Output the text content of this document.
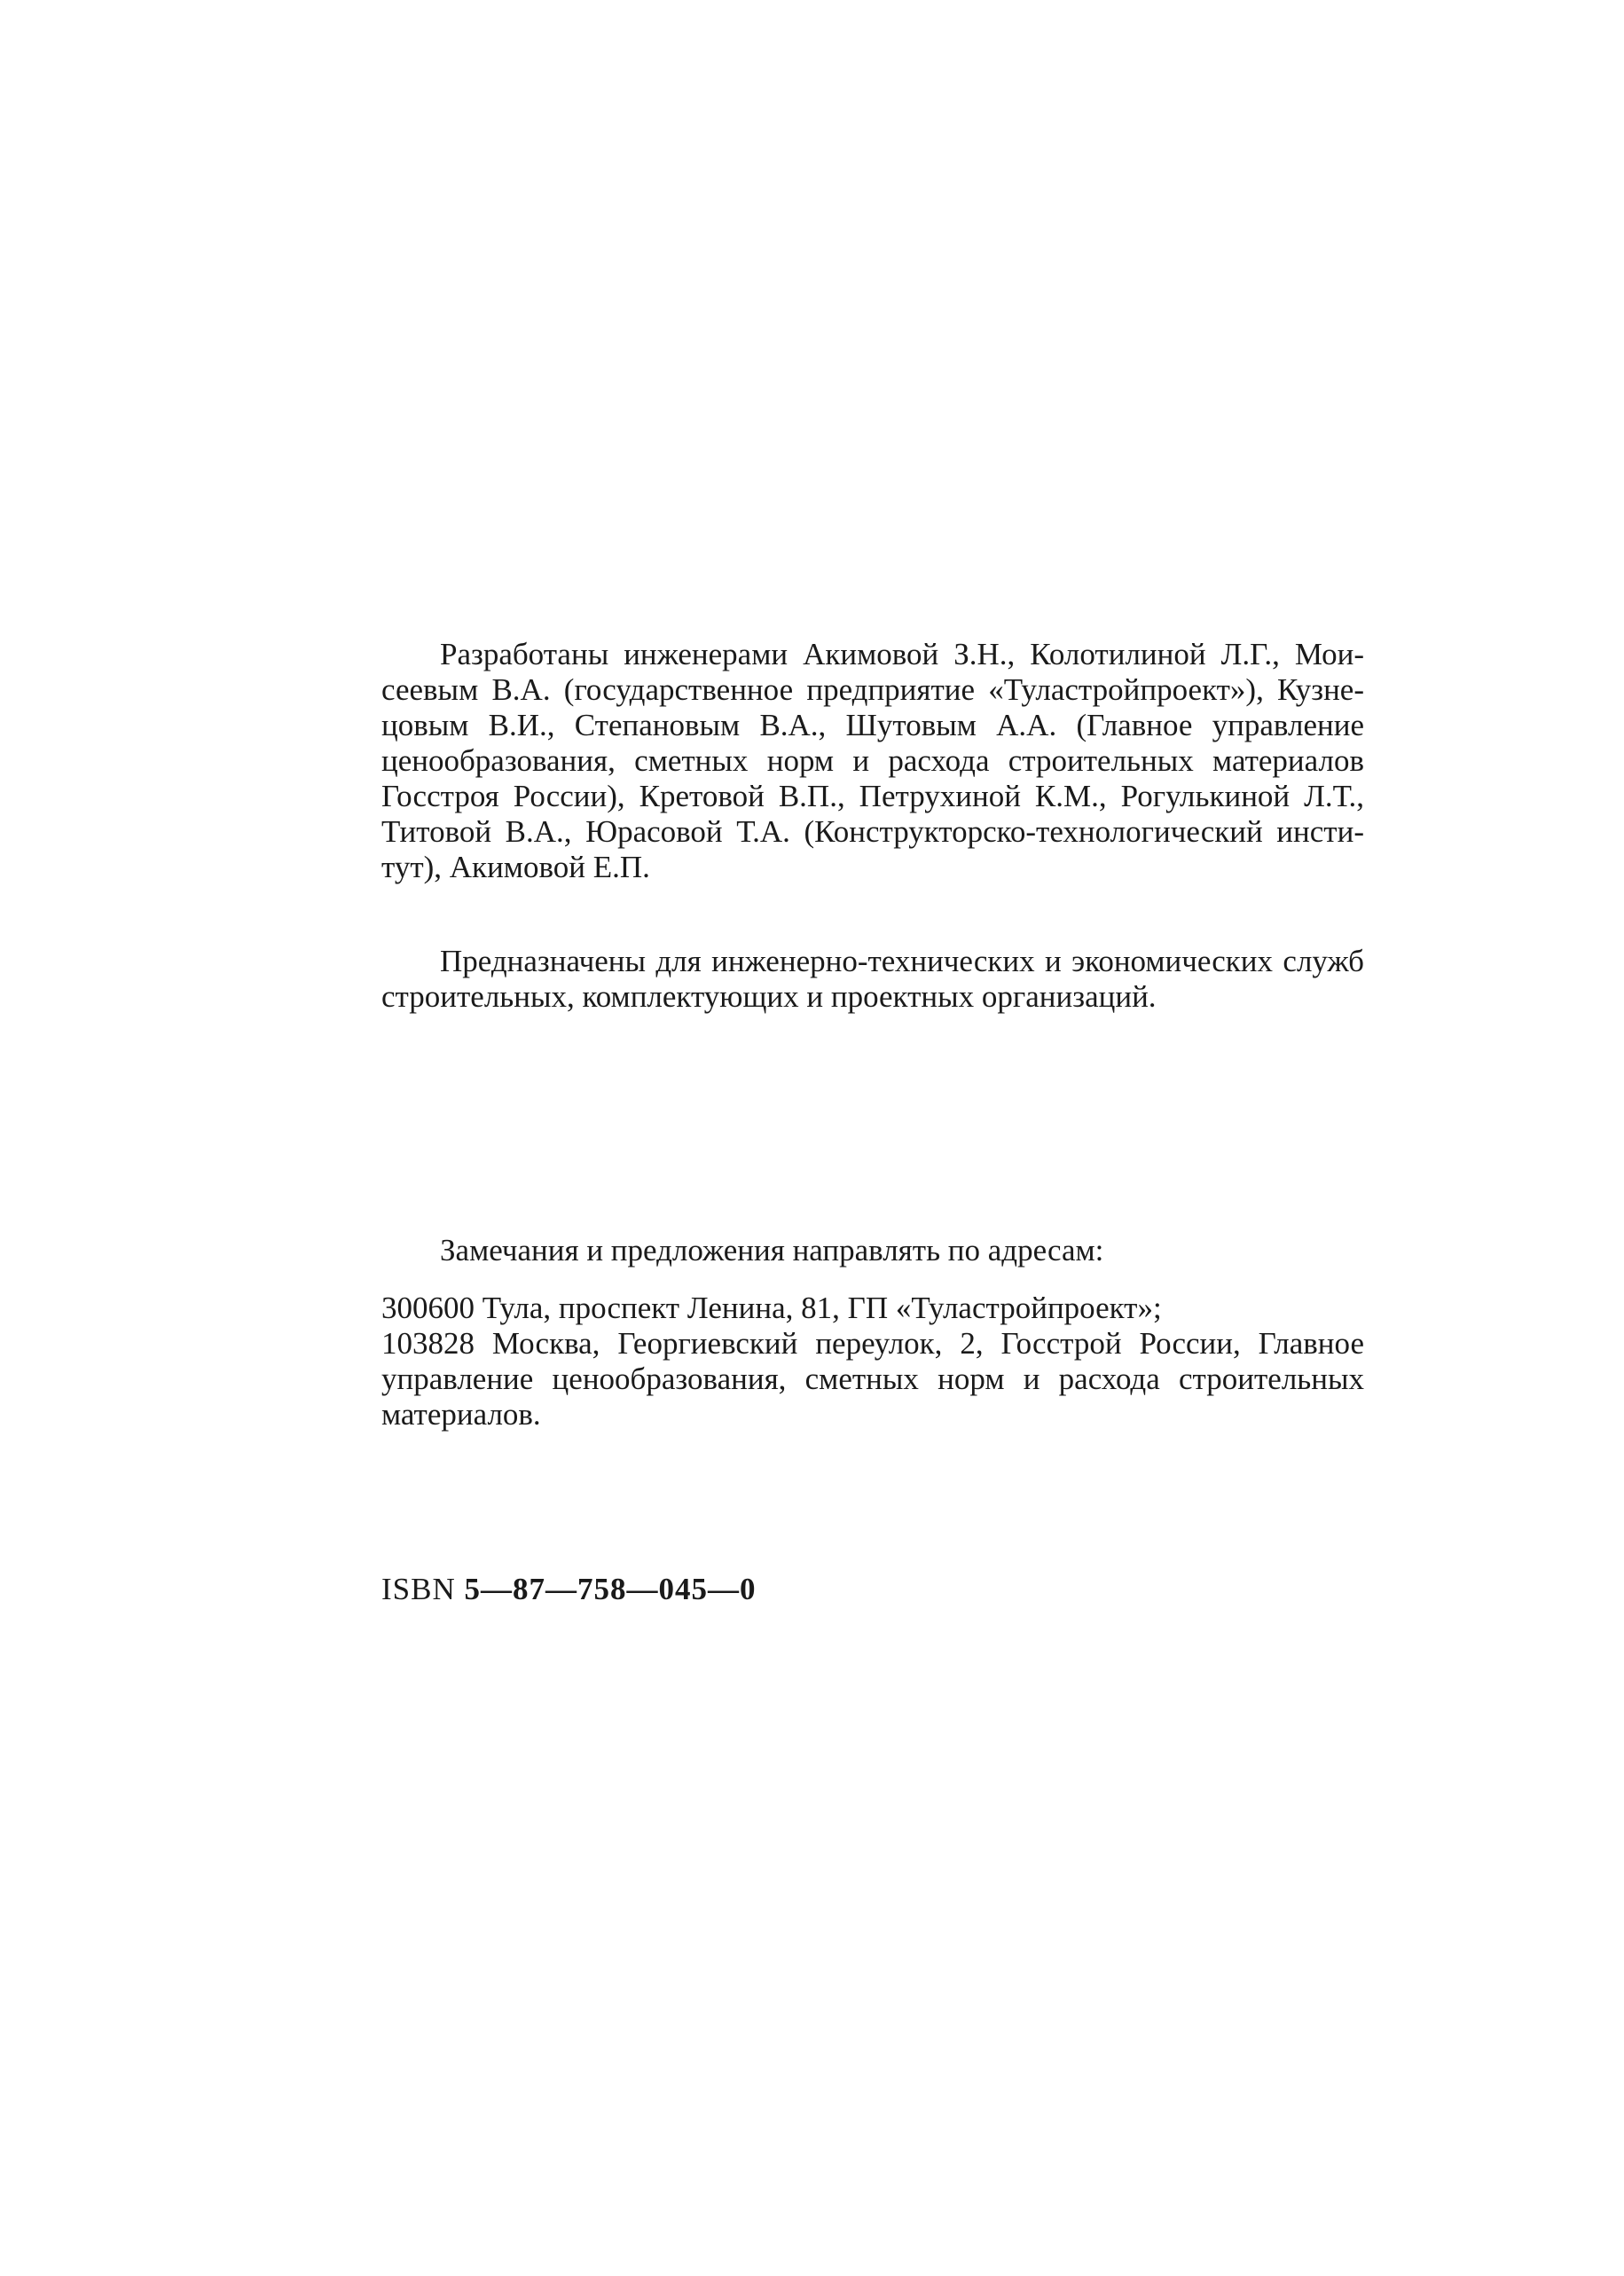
Разработаны инженерами Акимовой З.Н., Колотилиной Л.Г., Моисеевым В.А. (государственное предприятие «Туластройпроект»), Кузнецовым В.И., Степановым В.А., Шутовым А.А. (Главное управление ценообразования, сметных норм и расхода строительных материалов Госстроя России), Кретовой В.П., Петрухиной К.М., Рогулькиной Л.Т., Титовой В.А., Юрасовой Т.А. (Конструкторско-технологический институт), Акимовой Е.П.

Предназначены для инженерно-технических и экономических служб строительных, комплектующих и проектных организаций.

Замечания и предложения направлять по адресам:

300600 Тула, проспект Ленина, 81, ГП «Туластройпроект»;

103828 Москва, Георгиевский переулок, 2, Госстрой России, Главное управление ценообразования, сметных норм и расхода строительных материалов.

ISBN 5—87—758—045—0
